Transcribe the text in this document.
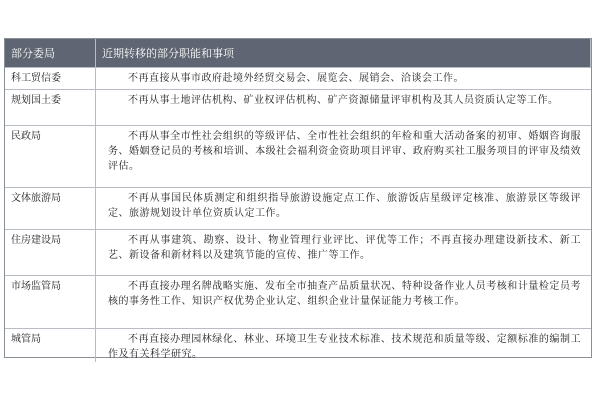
部分委局	近期转移的部分职能和事项
科工贸信委	不再直接从事市政府赴境外经贸交易会、展览会、展销会、洽谈会工作。
规划国土委	不再从事土地评估机构、矿业权评估机构、矿产资源储量评审机构及其人员资质认定等工作。
民政局	不再从事全市性社会组织的等级评估、全市性社会组织的年检和重大活动备案的初审、婚姻咨询服务、婚姻登记员的考核和培训、本级社会福利资金资助项目评审、政府购买社工服务项目的评审及绩效评估。
文体旅游局	不再从事国民体质测定和组织指导旅游设施定点工作、旅游饭店星级评定核准、旅游景区等级评定、旅游规划设计单位资质认定工作。
住房建设局	不再从事建筑、勘察、设计、物业管理行业评比、评优等工作；不再直接办理建设新技术、新工艺、新设备和新材料以及建筑节能的宣传、推广等工作。
市场监管局	不再直接办理名牌战略实施、发布全市抽查产品质量状况、特种设备作业人员考核和计量检定员考核的事务性工作、知识产权优势企业认定、组织企业计量保证能力考核工作。
城管局	不再直接办理园林绿化、林业、环境卫生专业技术标准、技术规范和质量等级、定额标准的编制工作及有关科学研究。
